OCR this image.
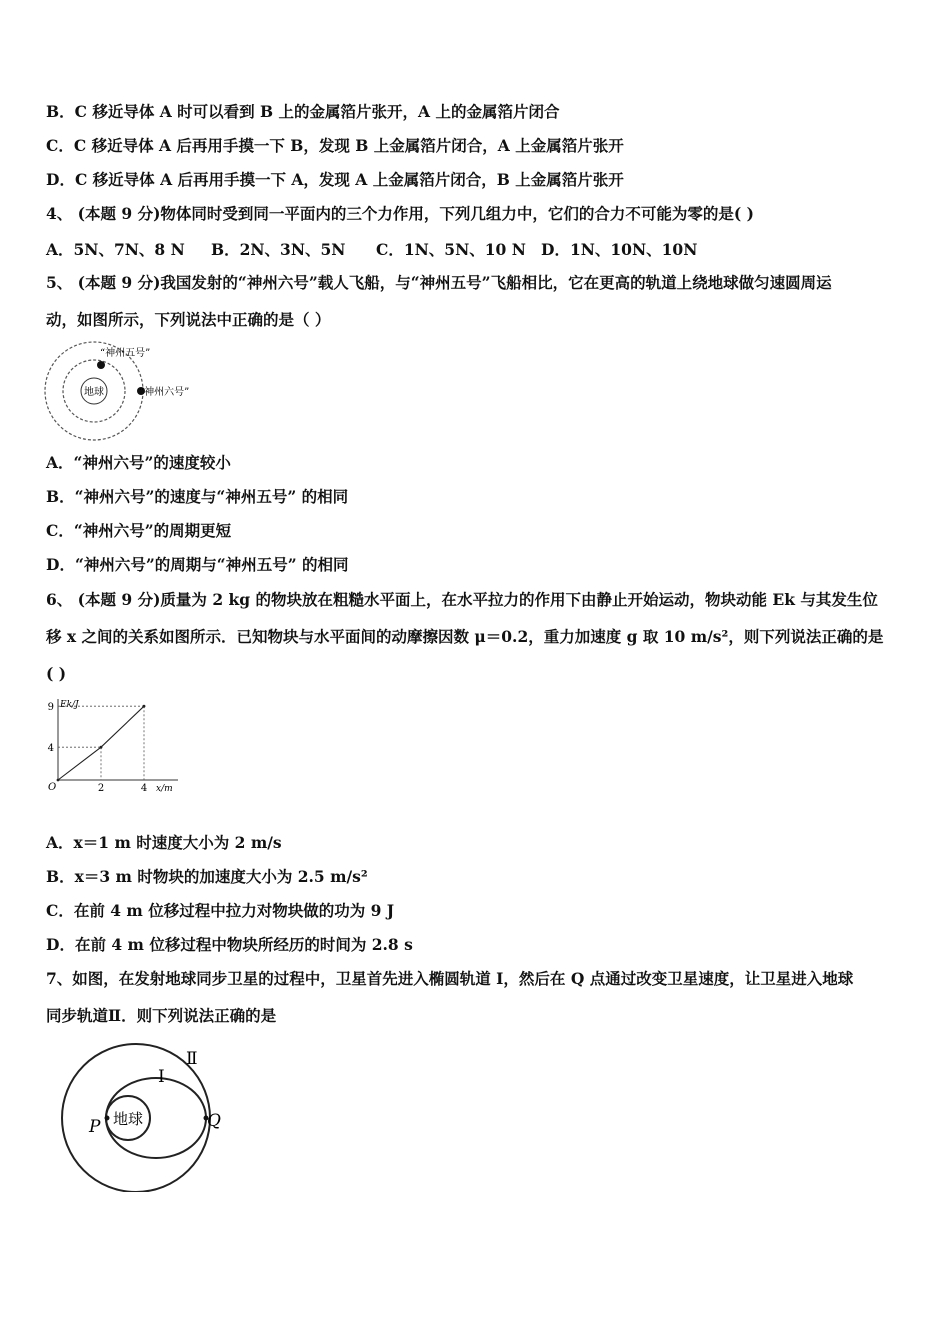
B．C 移近导体 A 时可以看到 B 上的金属箔片张开，A 上的金属箔片闭合
C．C 移近导体 A 后再用手摸一下 B，发现 B 上金属箔片闭合，A 上金属箔片张开
D．C 移近导体 A 后再用手摸一下 A，发现 A 上金属箔片闭合，B 上金属箔片张开
4、 (本题 9 分)物体同时受到同一平面内的三个力作用，下列几组力中，它们的合力不可能为零的是( )
A．5N、7N、8 N B．2N、3N、5N C．1N、5N、10 N D．1N、10N、10N
5、 (本题 9 分)我国发射的“神州六号”载人飞船，与“神州五号”飞船相比，它在更高的轨道上绕地球做匀速圆周运
动，如图所示，下列说法中正确的是（ ）
地球
“神州五号”
“神州六号”
A．“神州六号”的速度较小
B．“神州六号”的速度与“神州五号” 的相同
C．“神州六号”的周期更短
D．“神州六号”的周期与“神州五号” 的相同
6、 (本题 9 分)质量为 2 kg 的物块放在粗糙水平面上，在水平拉力的作用下由静止开始运动，物块动能 Ek 与其发生位
移 x 之间的关系如图所示．已知物块与水平面间的动摩擦因数 μ＝0.2，重力加速度 g 取 10 m/s²，则下列说法正确的是
( )
Ek/J
x/m
O	2	4
4
9
A．x＝1 m 时速度大小为 2 m/s
B．x＝3 m 时物块的加速度大小为 2.5 m/s²
C．在前 4 m 位移过程中拉力对物块做的功为 9 J
D．在前 4 m 位移过程中物块所经历的时间为 2.8 s
7、如图，在发射地球同步卫星的过程中，卫星首先进入椭圆轨道 I，然后在 Q 点通过改变卫星速度，让卫星进入地球
同步轨道Ⅱ．则下列说法正确的是
地球
P	Q
I
Ⅱ
